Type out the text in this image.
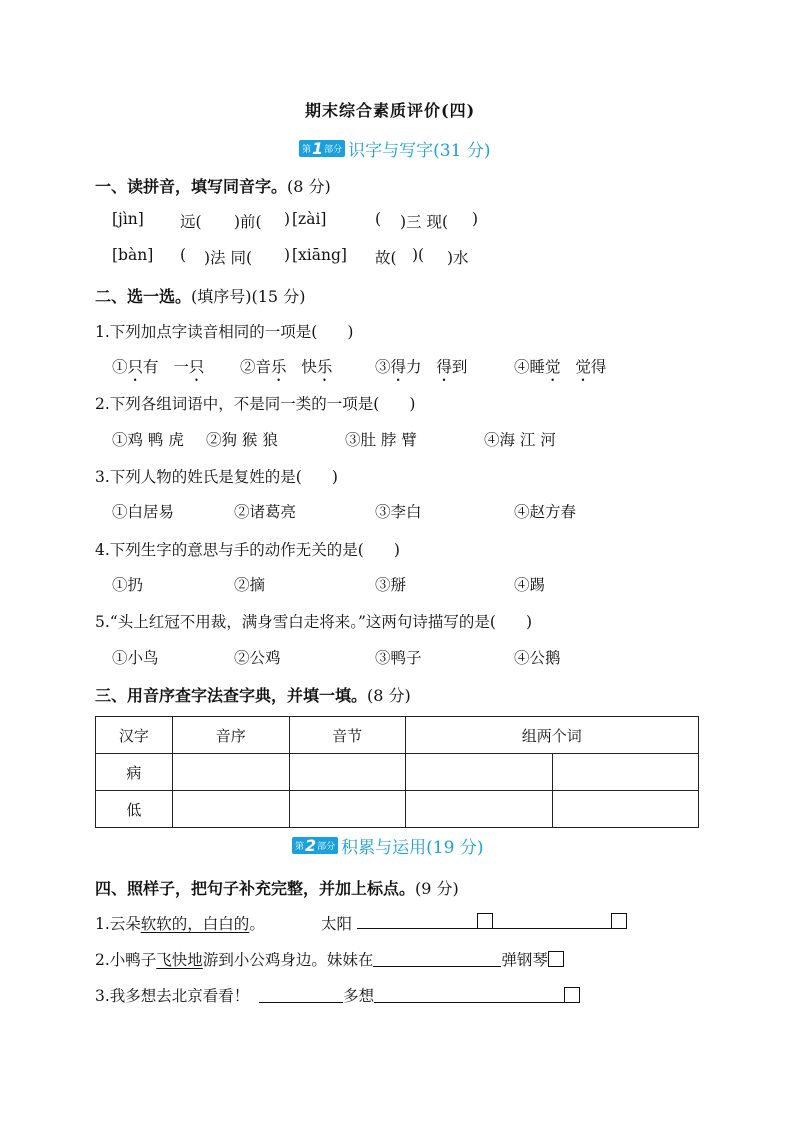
期末综合素质评价(四)
第 1 部分 识字与写字(31 分)
一、读拼音，填写同音字。(8 分)
[jìn] 远( )前( ) [zài]	( )三 现( )
[bàn] ( )法 同( ) [xiāng] 故( )( )水
二、选一选。(填序号)(15 分)
1.下列加点字读音相同的一项是( )
①只有 一只 ②音乐 快乐	③得力 得到	④睡觉 觉得
2.下列各组词语中，不是同一类的一项是( )
①鸡 鸭 虎 ②狗 猴 狼	③肚 脖 臂	④海 江 河
3.下列人物的姓氏是复姓的是( )
①白居易	②诸葛亮	③李白	④赵方春
4.下列生字的意思与手的动作无关的是( )
①扔	②摘	③掰	④踢
5.“头上红冠不用裁，满身雪白走将来。”这两句诗描写的是( )
①小鸟	②公鸡	③鸭子	④公鹅
三、用音序查字法查字典，并填一填。(8 分)
汉字	音序	音节	组两个词	
病				
低				
第 2 部分 积累与运用(19 分)
四、照样子，把句子补充完整，并加上标点。(9 分)
1.云朵软软的，白白的。	太阳
2.小鸭子飞快地游到小公鸡身边。妹妹在	弹钢琴
3.我多想去北京看看！	多想
